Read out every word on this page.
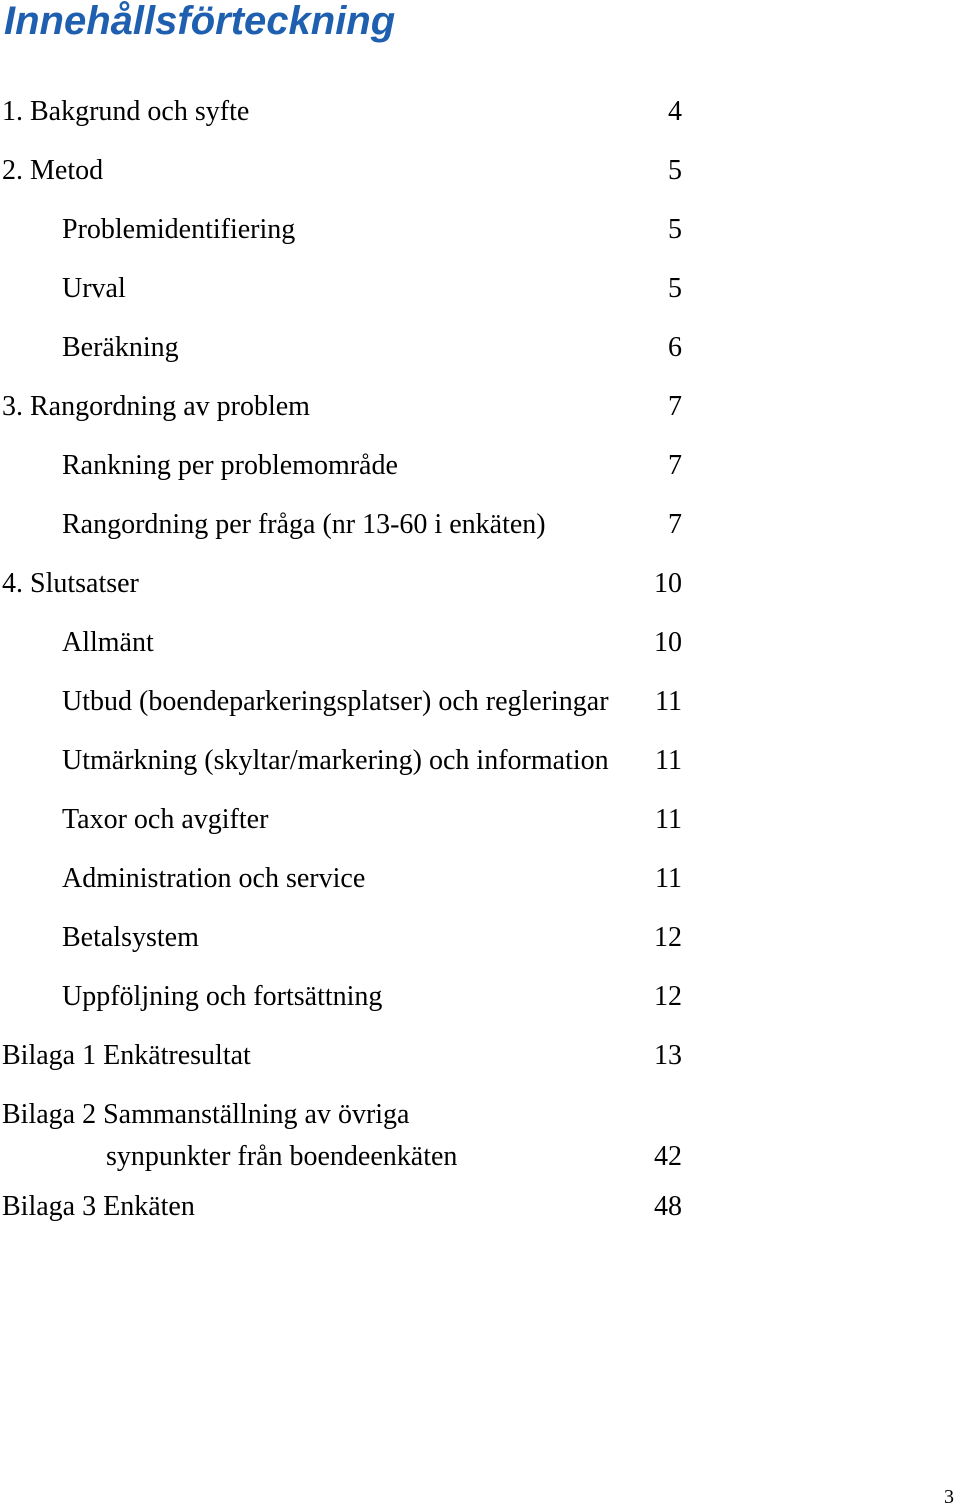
Innehållsförteckning
1. Bakgrund och syfte	4
2. Metod	5
Problemidentifiering	5
Urval	5
Beräkning	6
3. Rangordning av problem	7
Rankning per problemområde	7
Rangordning per fråga (nr 13-60 i enkäten)	7
4. Slutsatser	10
Allmänt	10
Utbud (boendeparkeringsplatser) och regleringar 11
Utmärkning (skyltar/markering) och information 11
Taxor och avgifter	11
Administration och service	11
Betalsystem	12
Uppföljning och fortsättning	12
Bilaga 1 Enkätresultat	13
Bilaga 2 Sammanställning av övriga
synpunkter från boendeenkäten	42
Bilaga 3 Enkäten	48
3
